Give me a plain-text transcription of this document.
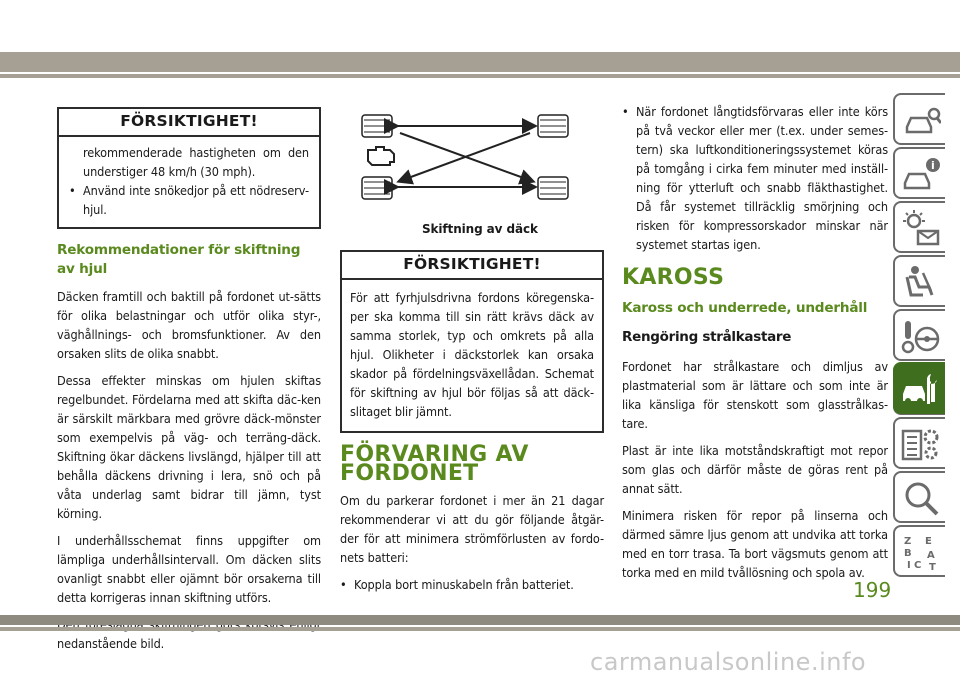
FÖRSIKTIGHET!

rekommenderade hastigheten om den understiger 48 km/h (30 mph).

• Använd inte snökedjor på ett nödreserv-hjul.
Rekommendationer för skiftning av hjul

Däcken framtill och baktill på fordonet ut-sätts för olika belastningar och utför olika styr-, väghållnings- och bromsfunktioner. Av den orsaken slits de olika snabbt.

Dessa effekter minskas om hjulen skiftas regelbundet. Fördelarna med att skifta däc-ken är särskilt märkbara med grövre däck-mönster som exempelvis på väg- och terräng-däck. Skiftning ökar däckens livslängd, hjälper till att behålla däckens drivning i lera, snö och på våta underlag samt bidrar till jämn, tyst körning.

I underhållsschemat finns uppgifter om lämpliga underhållsintervall. Om däcken slits ovanligt snabbt eller ojämnt bör orsakerna till detta korrigeras innan skiftning utförs.

nedanstående bild.

Skiftning av däck
FÖRSIKTIGHET!

För att fyrhjulsdrivna fordons köregenska-per ska komma till sin rätt krävs däck av samma storlek, typ och omkrets på alla hjul. Olikheter i däckstorlek kan orsaka skador på fördelningsväxellådan. Schemat för skiftning av hjul bör följas så att däck-slitaget blir jämnt.

FÖRVARING AV FORDONET

Om du parkerar fordonet i mer än 21 dagar rekommenderar vi att du gör följande åtgär-der för att minimera strömförlusten av fordo-nets batteri:

• Koppla bort minuskabeln från batteriet.
• När fordonet långtidsförvaras eller inte körs på två veckor eller mer (t.ex. under semes-tern) ska luftkonditioneringssystemet köras på tomgång i cirka fem minuter med inställ-ning för ytterluft och snabb fläkthastighet. Då får systemet tillräcklig smörjning och risken för kompressorskador minskar när systemet startas igen.
KAROSS
Kaross och underrede, underhåll
Rengöring strålkastare

Fordonet har strålkastare och dimljus av plastmaterial som är lättare och som inte är lika känsliga för stenskott som glasstrålkas-tare.

Plast är inte lika motståndskraftigt mot repor som glas och därför måste de göras rent på annat sätt.

Minimera risken för repor på linserna och därmed sämre ljus genom att undvika att torka med en torr trasa. Ta bort vägsmuts genom att torka med en mild tvållösning och spola av.

i
Z E
B A
I C T
199
carmanualsonline.info
